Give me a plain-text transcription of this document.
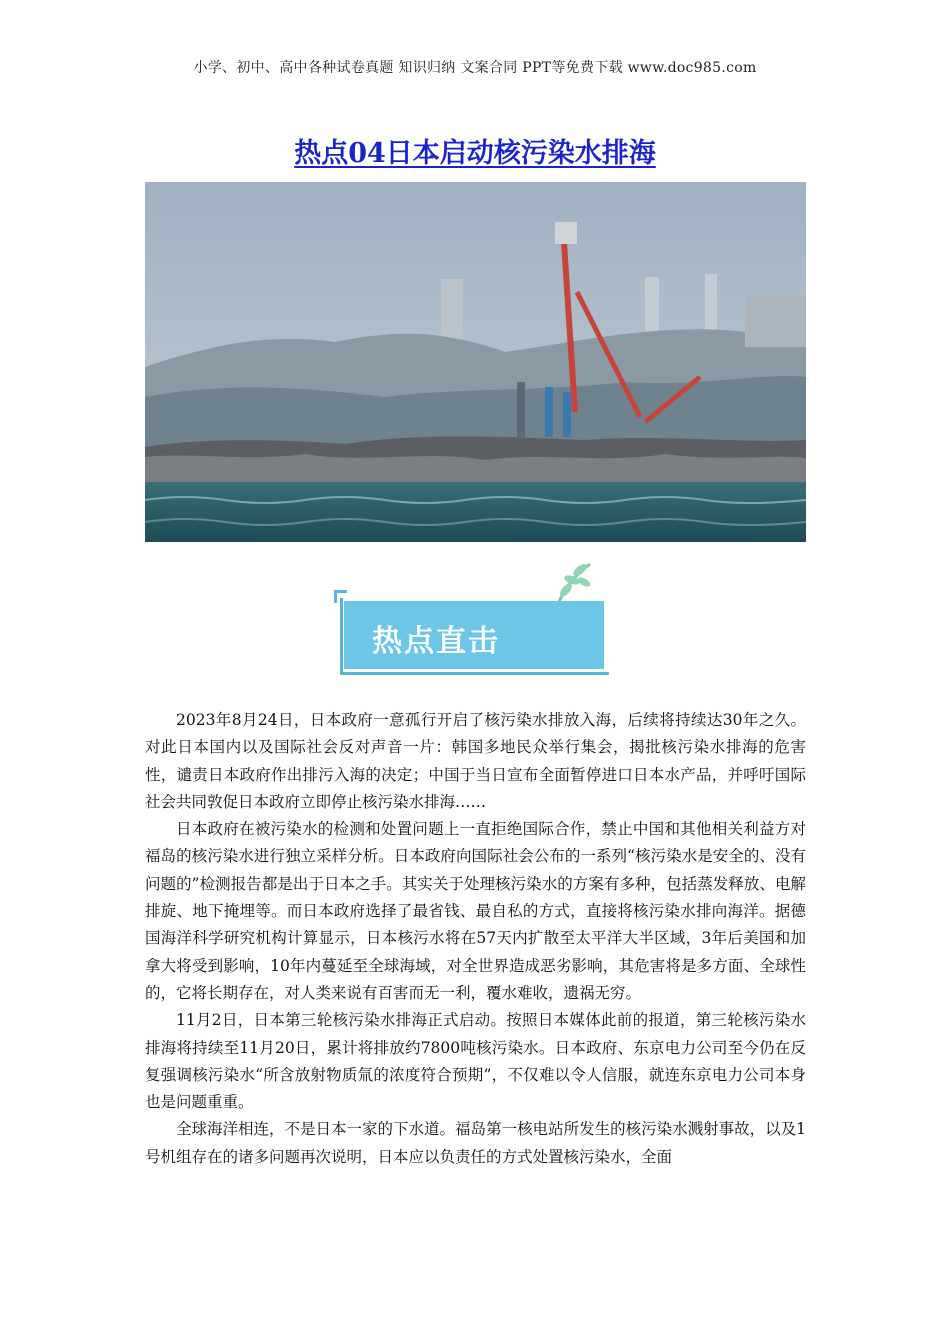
小学、初中、高中各种试卷真题 知识归纳 文案合同 PPT等免费下载 www.doc985.com
热点04日本启动核污染水排海
热点直击

2023年8月24日，日本政府一意孤行开启了核污染水排放入海，后续将持续达30年之久。对此日本国内以及国际社会反对声音一片：韩国多地民众举行集会，揭批核污染水排海的危害性，谴责日本政府作出排污入海的决定；中国于当日宣布全面暂停进口日本水产品，并呼吁国际社会共同敦促日本政府立即停止核污染水排海……

日本政府在被污染水的检测和处置问题上一直拒绝国际合作，禁止中国和其他相关利益方对福岛的核污染水进行独立采样分析。日本政府向国际社会公布的一系列“核污染水是安全的、没有问题的”检测报告都是出于日本之手。其实关于处理核污染水的方案有多种，包括蒸发释放、电解排旋、地下掩埋等。而日本政府选择了最省钱、最自私的方式，直接将核污染水排向海洋。据德国海洋科学研究机构计算显示，日本核污水将在57天内扩散至太平洋大半区域，3年后美国和加拿大将受到影响，10年内蔓延至全球海域，对全世界造成恶劣影响，其危害将是多方面、全球性的，它将长期存在，对人类来说有百害而无一利，覆水难收，遗祸无穷。

11月2日，日本第三轮核污染水排海正式启动。按照日本媒体此前的报道，第三轮核污染水排海将持续至11月20日，累计将排放约7800吨核污染水。日本政府、东京电力公司至今仍在反复强调核污染水“所含放射物质氚的浓度符合预期”，不仅难以令人信服，就连东京电力公司本身也是问题重重。

全球海洋相连，不是日本一家的下水道。福岛第一核电站所发生的核污染水溅射事故，以及1号机组存在的诸多问题再次说明，日本应以负责任的方式处置核污染水，全面
